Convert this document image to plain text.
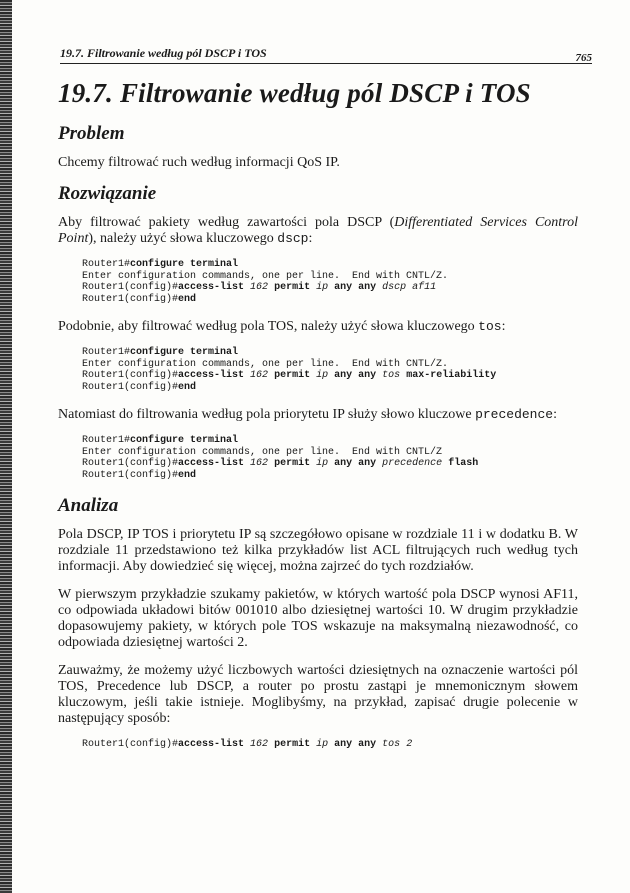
19.7. Filtrowanie według pól DSCP i TOS	765
19.7. Filtrowanie według pól DSCP i TOS
Problem

Chcemy filtrować ruch według informacji QoS IP.

Rozwiązanie

Aby filtrować pakiety według zawartości pola DSCP (Differentiated Services Control Point), należy użyć słowa kluczowego dscp:

Router1#configure terminal
Enter configuration commands, one per line.  End with CNTL/Z.
Router1(config)#access-list 162 permit ip any any dscp af11
Router1(config)#end

Podobnie, aby filtrować według pola TOS, należy użyć słowa kluczowego tos:

Router1#configure terminal
Enter configuration commands, one per line.  End with CNTL/Z.
Router1(config)#access-list 162 permit ip any any tos max-reliability
Router1(config)#end

Natomiast do filtrowania według pola priorytetu IP służy słowo kluczowe precedence:

Router1#configure terminal
Enter configuration commands, one per line.  End with CNTL/Z
Router1(config)#access-list 162 permit ip any any precedence flash
Router1(config)#end
Analiza

Pola DSCP, IP TOS i priorytetu IP są szczegółowo opisane w rozdziale 11 i w dodatku B. W rozdziale 11 przedstawiono też kilka przykładów list ACL filtrujących ruch według tych informacji. Aby dowiedzieć się więcej, można zajrzeć do tych rozdziałów.

W pierwszym przykładzie szukamy pakietów, w których wartość pola DSCP wynosi AF11, co odpowiada układowi bitów 001010 albo dziesiętnej wartości 10. W drugim przykładzie dopasowujemy pakiety, w których pole TOS wskazuje na maksymalną niezawodność, co odpowiada dziesiętnej wartości 2.

Zauważmy, że możemy użyć liczbowych wartości dziesiętnych na oznaczenie wartości pól TOS, Precedence lub DSCP, a router po prostu zastąpi je mnemonicznym słowem kluczowym, jeśli takie istnieje. Moglibyśmy, na przykład, zapisać drugie polecenie w następujący sposób:

Router1(config)#access-list 162 permit ip any any tos 2
